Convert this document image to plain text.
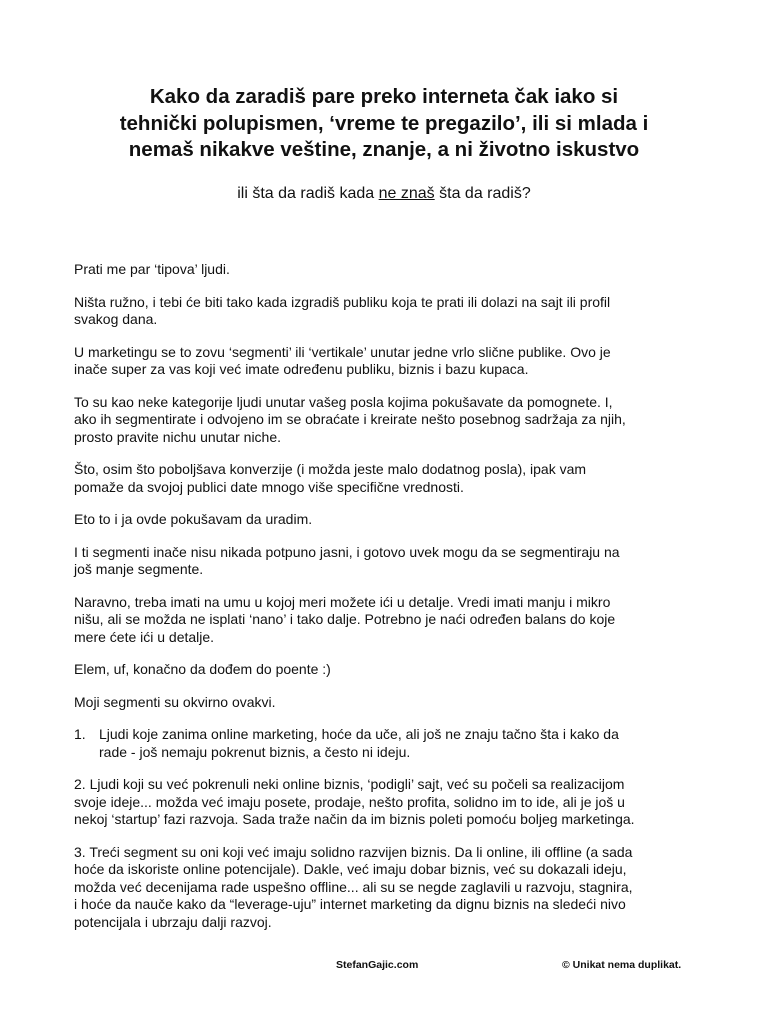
Kako da zaradiš pare preko interneta čak iako si
tehnički polupismen, ‘vreme te pregazilo’, ili si mlada i
nemaš nikakve veštine, znanje, a ni životno iskustvo

ili šta da radiš kada ne znaš šta da radiš?

Prati me par ‘tipova’ ljudi.

Ništa ružno, i tebi će biti tako kada izgradiš publiku koja te prati ili dolazi na sajt ili profil
svakog dana.

U marketingu se to zovu ‘segmenti’ ili ‘vertikale’ unutar jedne vrlo slične publike. Ovo je
inače super za vas koji već imate određenu publiku, biznis i bazu kupaca.

To su kao neke kategorije ljudi unutar vašeg posla kojima pokušavate da pomognete. I,
ako ih segmentirate i odvojeno im se obraćate i kreirate nešto posebnog sadržaja za njih,
prosto pravite nichu unutar niche.

Što, osim što poboljšava konverzije (i možda jeste malo dodatnog posla), ipak vam
pomaže da svojoj publici date mnogo više specifične vrednosti.

Eto to i ja ovde pokušavam da uradim.

I ti segmenti inače nisu nikada potpuno jasni, i gotovo uvek mogu da se segmentiraju na
još manje segmente.

Naravno, treba imati na umu u kojoj meri možete ići u detalje. Vredi imati manju i mikro
nišu, ali se možda ne isplati ‘nano’ i tako dalje. Potrebno je naći određen balans do koje
mere ćete ići u detalje.

Elem, uf, konačno da dođem do poente :)

Moji segmenti su okvirno ovakvi.

1. Ljudi koje zanima online marketing, hoće da uče, ali još ne znaju tačno šta i kako da
rade - još nemaju pokrenut biznis, a često ni ideju.

2. Ljudi koji su već pokrenuli neki online biznis, ‘podigli’ sajt, već su počeli sa realizacijom
svoje ideje... možda već imaju posete, prodaje, nešto profita, solidno im to ide, ali je još u
nekoj ‘startup’ fazi razvoja. Sada traže način da im biznis poleti pomoću boljeg marketinga.

3. Treći segment su oni koji već imaju solidno razvijen biznis. Da li online, ili offline (a sada
hoće da iskoriste online potencijale). Dakle, već imaju dobar biznis, već su dokazali ideju,
možda već decenijama rade uspešno offline... ali su se negde zaglavili u razvoju, stagnira,
i hoće da nauče kako da “leverage-uju” internet marketing da dignu biznis na sledeći nivo
potencijala i ubrzaju dalji razvoj.

StefanGajic.com	© Unikat nema duplikat.
